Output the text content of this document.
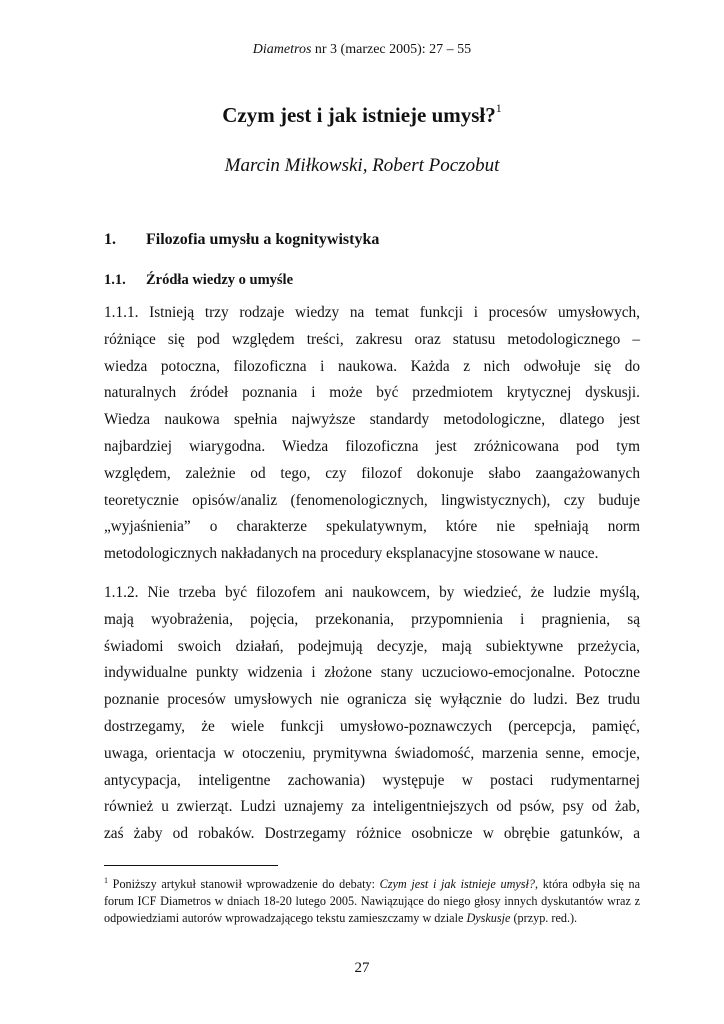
Diametros nr 3 (marzec 2005): 27 – 55
Czym jest i jak istnieje umysł?$^1$
Marcin Miłkowski, Robert Poczobut
1. Filozofia umysłu a kognitywistyka
1.1. Źródła wiedzy o umyśle
1.1.1. Istnieją trzy rodzaje wiedzy na temat funkcji i procesów umysłowych,
różniące się pod względem treści, zakresu oraz statusu metodologicznego –
wiedza potoczna, filozoficzna i naukowa. Każda z nich odwołuje się do
naturalnych źródeł poznania i może być przedmiotem krytycznej dyskusji.
Wiedza naukowa spełnia najwyższe standardy metodologiczne, dlatego jest
najbardziej wiarygodna. Wiedza filozoficzna jest zróżnicowana pod tym
względem, zależnie od tego, czy filozof dokonuje słabo zaangażowanych
teoretycznie opisów/analiz (fenomenologicznych, lingwistycznych), czy buduje
„wyjaśnienia” o charakterze spekulatywnym, które nie spełniają norm
metodologicznych nakładanych na procedury eksplanacyjne stosowane w nauce.
1.1.2. Nie trzeba być filozofem ani naukowcem, by wiedzieć, że ludzie myślą,
mają wyobrażenia, pojęcia, przekonania, przypomnienia i pragnienia, są
świadomi swoich działań, podejmują decyzje, mają subiektywne przeżycia,
indywidualne punkty widzenia i złożone stany uczuciowo-emocjonalne. Potoczne
poznanie procesów umysłowych nie ogranicza się wyłącznie do ludzi. Bez trudu
dostrzegamy, że wiele funkcji umysłowo-poznawczych (percepcja, pamięć,
uwaga, orientacja w otoczeniu, prymitywna świadomość, marzenia senne, emocje,
antycypacja, inteligentne zachowania) występuje w postaci rudymentarnej
również u zwierząt. Ludzi uznajemy za inteligentniejszych od psów, psy od żab,
zaś żaby od robaków. Dostrzegamy różnice osobnicze w obrębie gatunków, a

$^1$ Poniższy artykuł stanowił wprowadzenie do debaty: Czym jest i jak istnieje umysł?, która odbyła się na forum ICF Diametros w dniach 18-20 lutego 2005. Nawiązujące do niego głosy innych dyskutantów wraz z odpowiedziami autorów wprowadzającego tekstu zamieszczamy w dziale Dyskusje (przyp. red.).

27
